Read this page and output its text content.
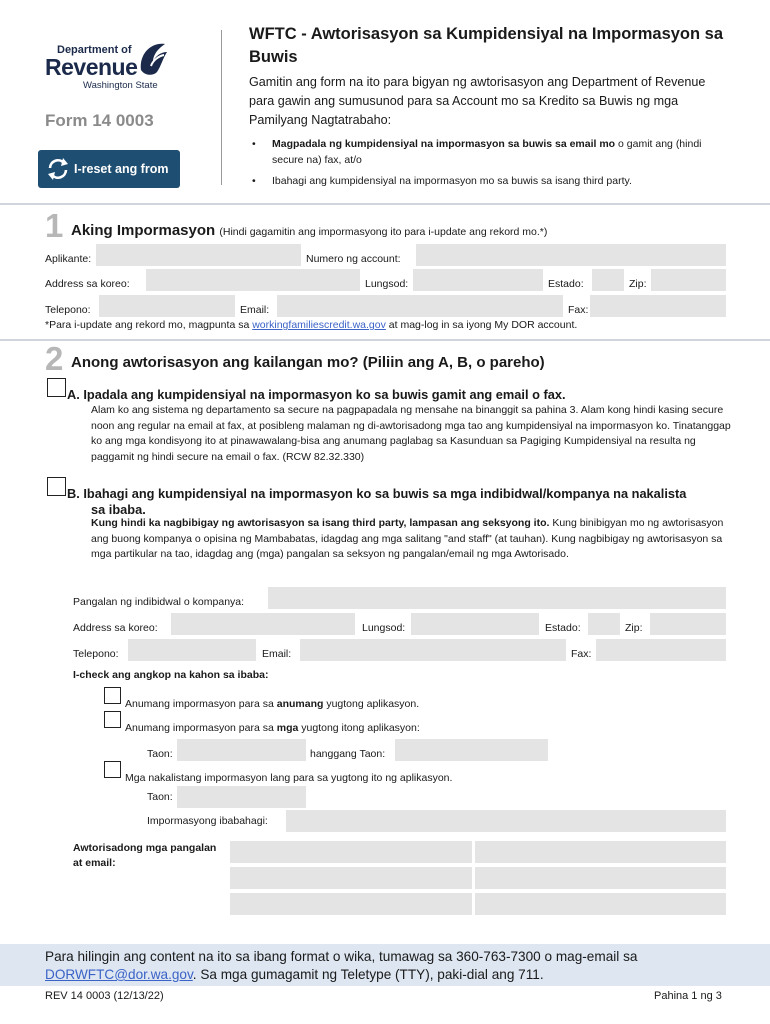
Department of
Revenue
Washington State
Form 14 0003
I-reset ang from
WFTC - Awtorisasyon sa Kumpidensiyal na Impormasyon sa Buwis
Gamitin ang form na ito para bigyan ng awtorisasyon ang Department of Revenue para gawin ang sumusunod para sa Account mo sa Kredito sa Buwis ng mga Pamilyang Nagtatrabaho:
• Magpadala ng kumpidensiyal na impormasyon sa buwis sa email mo o gamit ang (hindi secure na) fax, at/o
• Ibahagi ang kumpidensiyal na impormasyon mo sa buwis sa isang third party.
1 Aking Impormasyon (Hindi gagamitin ang impormasyong ito para i-update ang rekord mo.*)
Aplikante:	Numero ng account:
Address sa koreo:	Lungsod:	Estado:	Zip:
Telepono:	Email:	Fax:
*Para i-update ang rekord mo, magpunta sa workingfamiliescredit.wa.gov at mag-log in sa iyong My DOR account.
2 Anong awtorisasyon ang kailangan mo? (Piliin ang A, B, o pareho)
A. Ipadala ang kumpidensiyal na impormasyon ko sa buwis gamit ang email o fax.
Alam ko ang sistema ng departamento sa secure na pagpapadala ng mensahe na binanggit sa pahina 3. Alam kong hindi kasing secure noon ang regular na email at fax, at posibleng malaman ng di-awtorisadong mga tao ang kumpidensiyal na impormasyon ko. Tinatanggap ko ang mga kondisyong ito at pinawawalang-bisa ang anumang paglabag sa Kasunduan sa Pagiging Kumpidensiyal na resulta ng paggamit ng hindi secure na email o fax. (RCW 82.32.330)
B. Ibahagi ang kumpidensiyal na impormasyon ko sa buwis sa mga indibidwal/kompanya na nakalista
sa ibaba.
Kung hindi ka nagbibigay ng awtorisasyon sa isang third party, lampasan ang seksyong ito. Kung binibigyan mo ng awtorisasyon ang buong kompanya o opisina ng Mambabatas, idagdag ang mga salitang "and staff" (at tauhan). Kung nagbibigay ng awtorisasyon sa mga partikular na tao, idagdag ang (mga) pangalan sa seksyon ng pangalan/email ng mga Awtorisado.
Pangalan ng indibidwal o kompanya:
Address sa koreo:	Lungsod:	Estado:	Zip:
Telepono:	Email:	Fax:
I-check ang angkop na kahon sa ibaba:
Anumang impormasyon para sa anumang yugtong aplikasyon.
Anumang impormasyon para sa mga yugtong itong aplikasyon:
Taon:	hanggang Taon:
Mga nakalistang impormasyon lang para sa yugtong ito ng aplikasyon.
Taon:
Impormasyong ibabahagi:
Awtorisadong mga pangalan
at email:
Para hilingin ang content na ito sa ibang format o wika, tumawag sa 360-763-7300 o mag-email sa DORWFTC@dor.wa.gov. Sa mga gumagamit ng Teletype (TTY), paki-dial ang 711.
REV 14 0003 (12/13/22)	Pahina 1 ng 3
